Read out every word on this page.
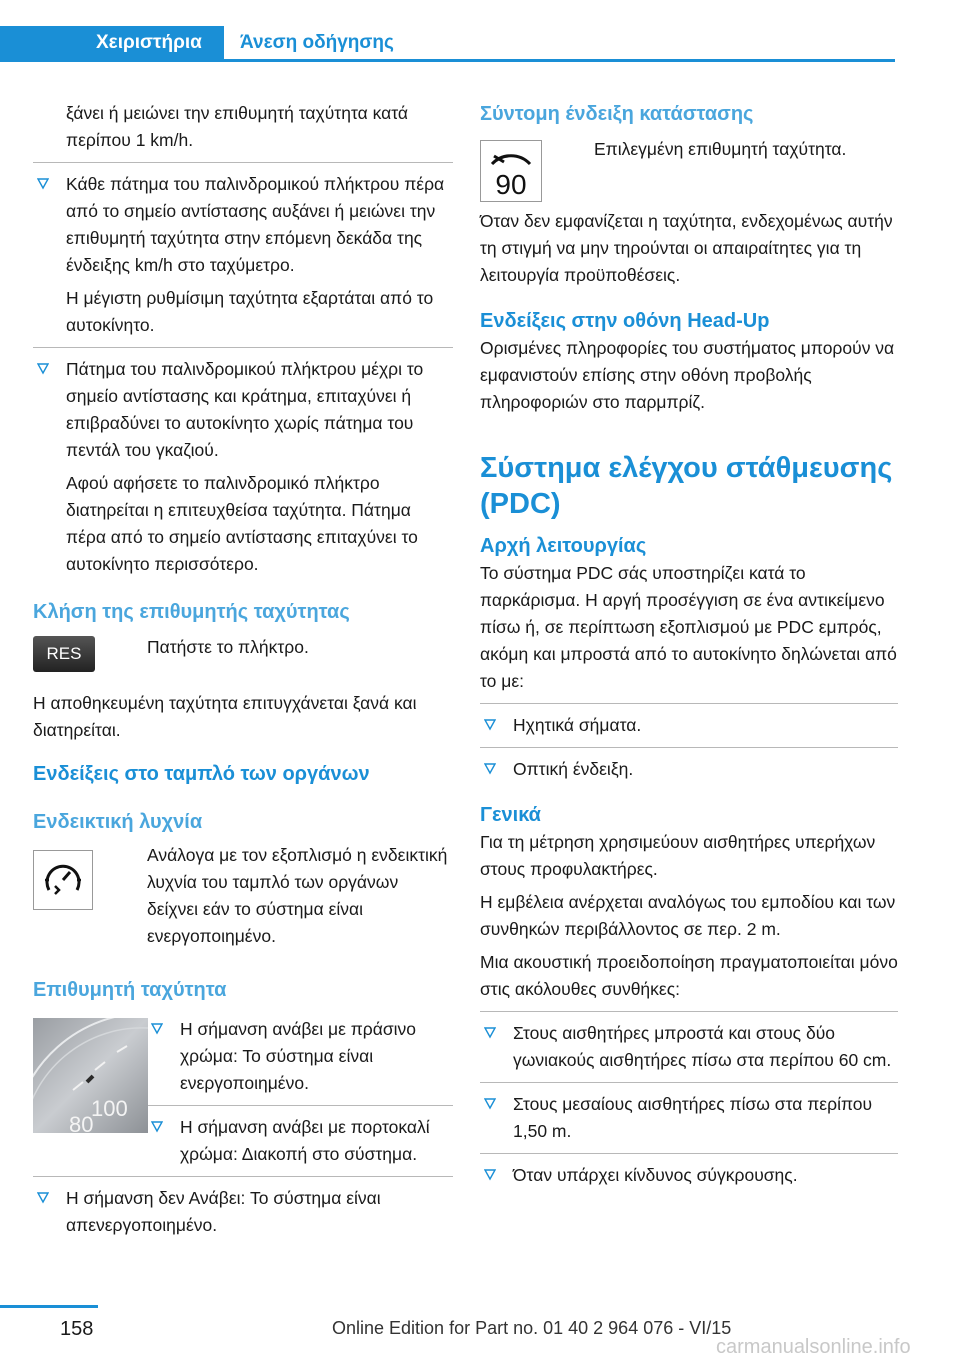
Χειριστήρια	Άνεση οδήγησης

ξάνει ή μειώνει την επιθυμητή ταχύτητα κατά περίπου 1 km/h.

Κάθε πάτημα του παλινδρομικού πλήκτρου πέρα από το σημείο αντίστασης αυξάνει ή μειώνει την επιθυμητή ταχύτητα στην επόμενη δεκάδα της ένδειξης km/h στο ταχύμετρο.

Η μέγιστη ρυθμίσιμη ταχύτητα εξαρτάται από το αυτοκίνητο.

Πάτημα του παλινδρομικού πλήκτρου μέχρι το σημείο αντίστασης και κράτημα, επιταχύνει ή επιβραδύνει το αυτοκίνητο χωρίς πάτημα του πεντάλ του γκαζιού.

Αφού αφήσετε το παλινδρομικό πλήκτρο διατηρείται η επιτευχθείσα ταχύτητα. Πάτημα πέρα από το σημείο αντίστασης επιταχύνει το αυτοκίνητο περισσότερο.

Κλήση της επιθυμητής ταχύτητας
RES	Πατήστε το πλήκτρο.

Η αποθηκευμένη ταχύτητα επιτυγχάνεται ξανά και διατηρείται.

Ενδείξεις στο ταμπλό των οργάνων
Ενδεικτική λυχνία
Ανάλογα με τον εξοπλισμό η ενδεικτική λυχνία του ταμπλό των οργάνων δείχνει εάν το σύστημα είναι ενεργοποιημένο.
Επιθυμητή ταχύτητα
100
80
Η σήμανση ανάβει με πράσινο χρώμα: Το σύστημα είναι ενεργοποιημένο.
Η σήμανση ανάβει με πορτοκαλί χρώμα: Διακοπή στο σύστημα.
Η σήμανση δεν Ανάβει: Το σύστημα είναι απενεργοποιημένο.
Σύντομη ένδειξη κατάστασης
90
Επιλεγμένη επιθυμητή ταχύτητα.

Όταν δεν εμφανίζεται η ταχύτητα, ενδεχομένως αυτήν τη στιγμή να μην τηρούνται οι απαιραίτητες για τη λειτουργία προϋποθέσεις.

Ενδείξεις στην οθόνη Head-Up

Ορισμένες πληροφορίες του συστήματος μπορούν να εμφανιστούν επίσης στην οθόνη προβολής πληροφοριών στο παρμπρίζ.

Σύστημα ελέγχου στάθμευσης (PDC)
Αρχή λειτουργίας

Το σύστημα PDC σάς υποστηρίζει κατά το παρκάρισμα. Η αργή προσέγγιση σε ένα αντικείμενο πίσω ή, σε περίπτωση εξοπλισμού με PDC εμπρός, ακόμη και μπροστά από το αυτοκίνητο δηλώνεται από το με:

Ηχητικά σήματα.
Οπτική ένδειξη.
Γενικά

Για τη μέτρηση χρησιμεύουν αισθητήρες υπερήχων στους προφυλακτήρες.

Η εμβέλεια ανέρχεται αναλόγως του εμποδίου και των συνθηκών περιβάλλοντος σε περ. 2 m.

Μια ακουστική προειδοποίηση πραγματοποιείται μόνο στις ακόλουθες συνθήκες:

Στους αισθητήρες μπροστά και στους δύο γωνιακούς αισθητήρες πίσω στα περίπου 60 cm.
Στους μεσαίους αισθητήρες πίσω στα περίπου 1,50 m.
Όταν υπάρχει κίνδυνος σύγκρουσης.
158	Online Edition for Part no. 01 40 2 964 076 - VI/15
carmanualsonline.info
